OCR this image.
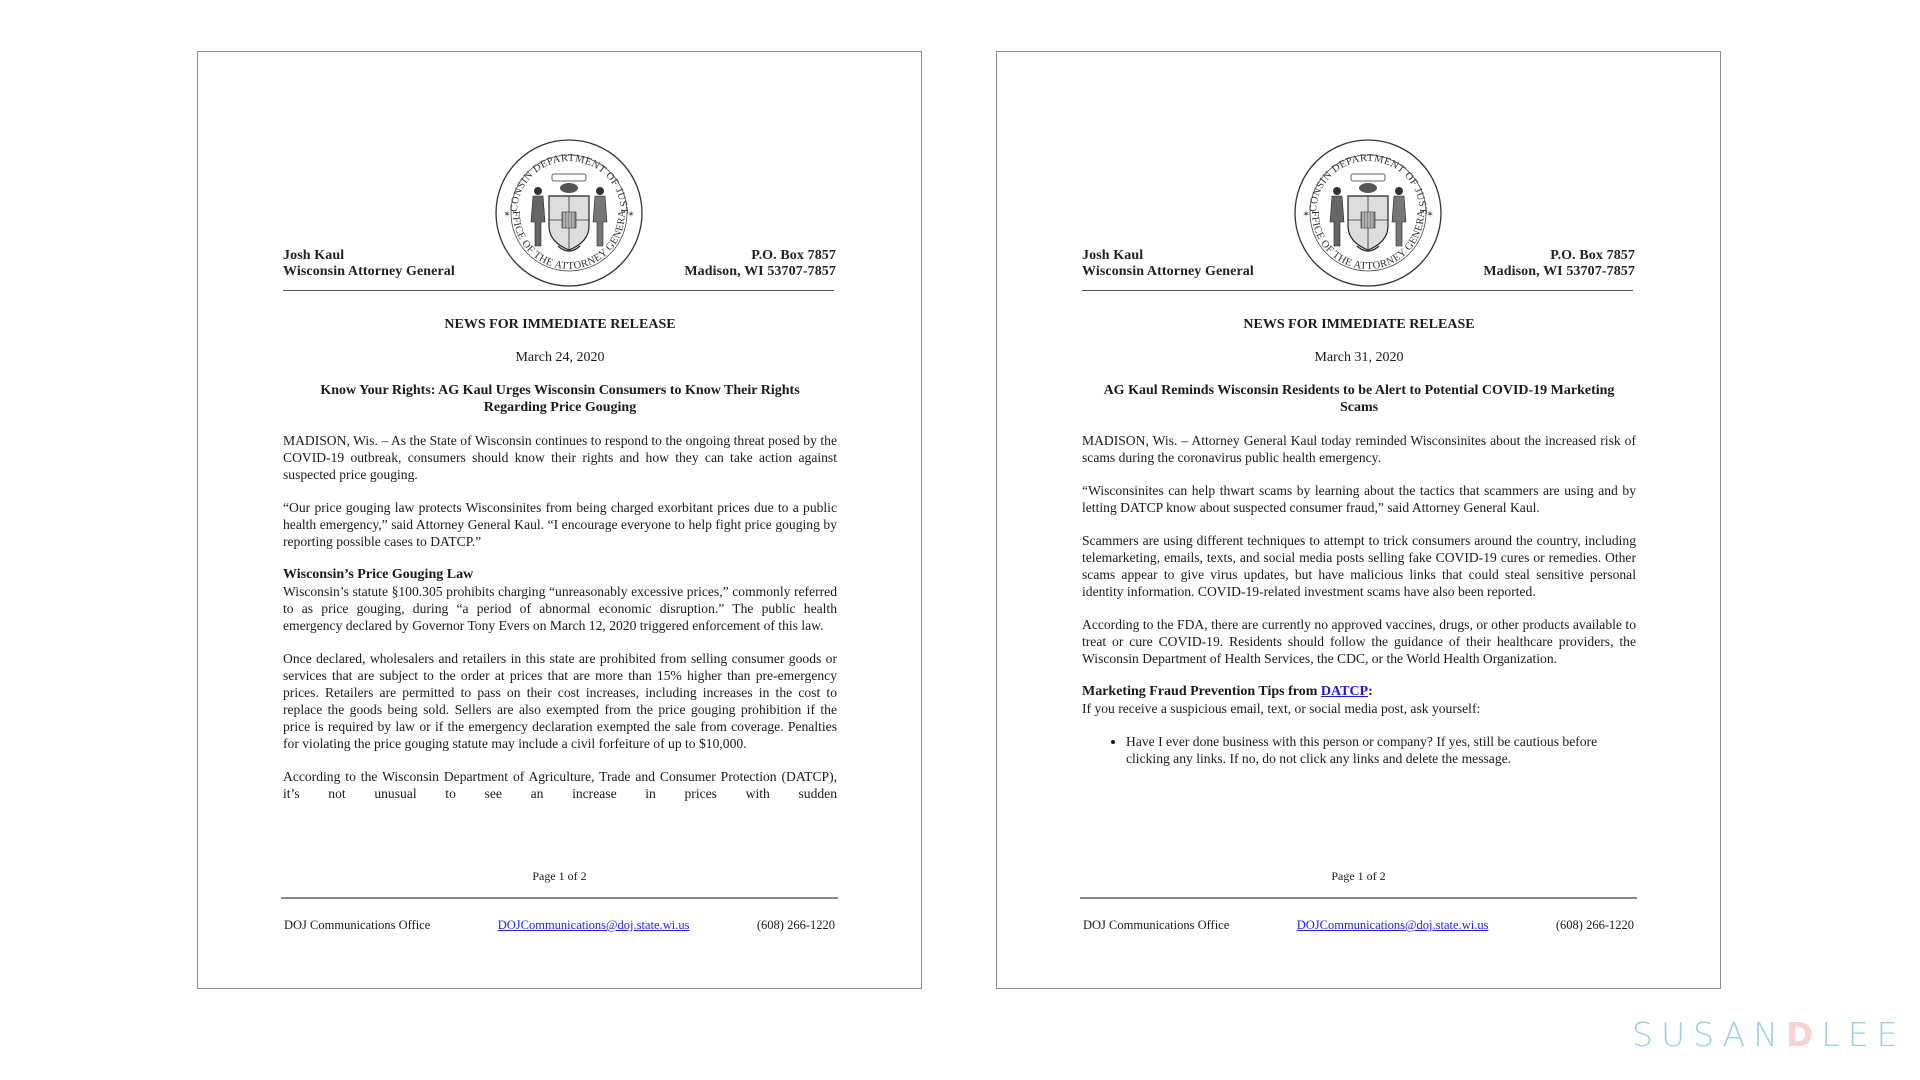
Josh Kaul
Wisconsin Attorney General
P.O. Box 7857
Madison, WI 53707-7857
NEWS FOR IMMEDIATE RELEASE
March 24, 2020
Know Your Rights: AG Kaul Urges Wisconsin Consumers to Know Their Rights Regarding Price Gouging

MADISON, Wis. – As the State of Wisconsin continues to respond to the ongoing threat posed by the COVID-19 outbreak, consumers should know their rights and how they can take action against suspected price gouging.

“Our price gouging law protects Wisconsinites from being charged exorbitant prices due to a public health emergency,” said Attorney General Kaul. “I encourage everyone to help fight price gouging by reporting possible cases to DATCP.”

Wisconsin’s Price Gouging Law

Wisconsin’s statute §100.305 prohibits charging “unreasonably excessive prices,” commonly referred to as price gouging, during “a period of abnormal economic disruption.” The public health emergency declared by Governor Tony Evers on March 12, 2020 triggered enforcement of this law.

Once declared, wholesalers and retailers in this state are prohibited from selling consumer goods or services that are subject to the order at prices that are more than 15% higher than pre-emergency prices. Retailers are permitted to pass on their cost increases, including increases in the cost to replace the goods being sold. Sellers are also exempted from the price gouging prohibition if the price is required by law or if the emergency declaration exempted the sale from coverage. Penalties for violating the price gouging statute may include a civil forfeiture of up to $10,000.

According to the Wisconsin Department of Agriculture, Trade and Consumer Protection (DATCP), it’s not unusual to see an increase in prices with sudden

Page 1 of 2
DOJ Communications Office	DOJCommunications@doj.state.wi.us	(608) 266-1220
Josh Kaul
Wisconsin Attorney General
P.O. Box 7857
Madison, WI 53707-7857
NEWS FOR IMMEDIATE RELEASE
March 31, 2020
AG Kaul Reminds Wisconsin Residents to be Alert to Potential COVID-19 Marketing Scams

MADISON, Wis. – Attorney General Kaul today reminded Wisconsinites about the increased risk of scams during the coronavirus public health emergency.

“Wisconsinites can help thwart scams by learning about the tactics that scammers are using and by letting DATCP know about suspected consumer fraud,” said Attorney General Kaul.

Scammers are using different techniques to attempt to trick consumers around the country, including telemarketing, emails, texts, and social media posts selling fake COVID-19 cures or remedies. Other scams appear to give virus updates, but have malicious links that could steal sensitive personal identity information. COVID-19-related investment scams have also been reported.

According to the FDA, there are currently no approved vaccines, drugs, or other products available to treat or cure COVID-19. Residents should follow the guidance of their healthcare providers, the Wisconsin Department of Health Services, the CDC, or the World Health Organization.

Marketing Fraud Prevention Tips from DATCP:

If you receive a suspicious email, text, or social media post, ask yourself:

• Have I ever done business with this person or company? If yes, still be cautious before clicking any links. If no, do not click any links and delete the message.
Page 1 of 2
DOJ Communications Office	DOJCommunications@doj.state.wi.us	(608) 266-1220
SUSANDLEE
